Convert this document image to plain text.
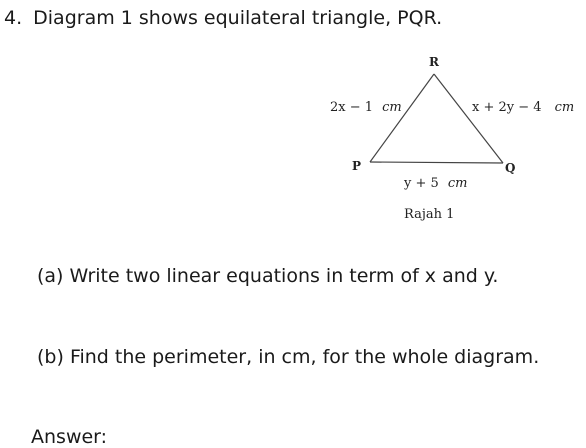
4. Diagram 1 shows equilateral triangle, PQR.
R
P	Q
2x − 1 cm	x + 2y − 4 cm
y + 5 cm
Rajah 1
(a) Write two linear equations in term of x and y.
(b) Find the perimeter, in cm, for the whole diagram.
Answer:
